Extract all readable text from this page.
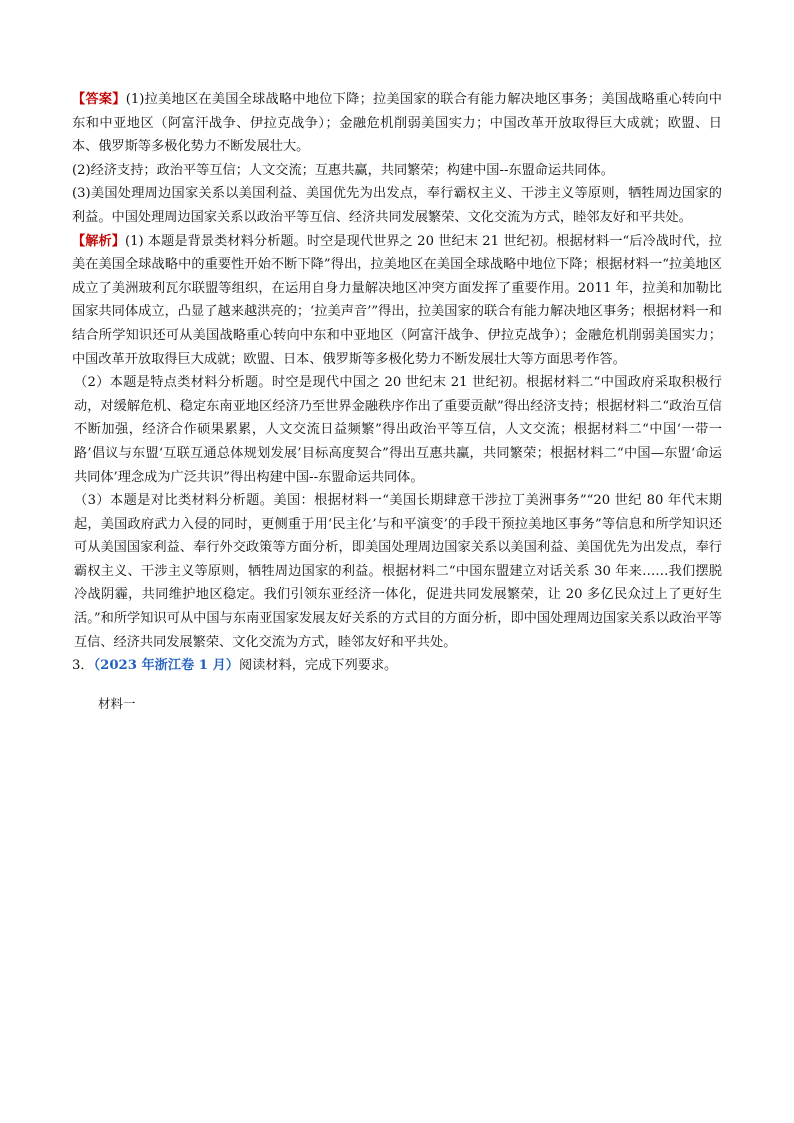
【答案】(1)拉美地区在美国全球战略中地位下降；拉美国家的联合有能力解决地区事务；美国战略重心转向中东和中亚地区（阿富汗战争、伊拉克战争）；金融危机削弱美国实力；中国改革开放取得巨大成就；欧盟、日本、俄罗斯等多极化势力不断发展壮大。

(2)经济支持；政治平等互信；人文交流；互惠共赢，共同繁荣；构建中国--东盟命运共同体。

(3)美国处理周边国家关系以美国利益、美国优先为出发点，奉行霸权主义、干涉主义等原则，牺牲周边国家的利益。中国处理周边国家关系以政治平等互信、经济共同发展繁荣、文化交流为方式，睦邻友好和平共处。

【解析】(1) 本题是背景类材料分析题。时空是现代世界之 20 世纪末 21 世纪初。根据材料一“后冷战时代，拉美在美国全球战略中的重要性开始不断下降”得出，拉美地区在美国全球战略中地位下降；根据材料一“拉美地区成立了美洲玻利瓦尔联盟等组织，在运用自身力量解决地区冲突方面发挥了重要作用。2011 年，拉美和加勒比国家共同体成立，凸显了越来越洪亮的；‘拉美声音’”得出，拉美国家的联合有能力解决地区事务；根据材料一和结合所学知识还可从美国战略重心转向中东和中亚地区（阿富汗战争、伊拉克战争）；金融危机削弱美国实力；中国改革开放取得巨大成就；欧盟、日本、俄罗斯等多极化势力不断发展壮大等方面思考作答。

（2）本题是特点类材料分析题。时空是现代中国之 20 世纪末 21 世纪初。根据材料二“中国政府采取积极行动，对缓解危机、稳定东南亚地区经济乃至世界金融秩序作出了重要贡献”得出经济支持；根据材料二“政治互信不断加强，经济合作硕果累累，人文交流日益频繁”得出政治平等互信，人文交流；根据材料二“中国‘一带一路’倡议与东盟‘互联互通总体规划发展’目标高度契合”得出互惠共赢，共同繁荣；根据材料二“中国—东盟‘命运共同体’理念成为广泛共识”得出构建中国--东盟命运共同体。

（3）本题是对比类材料分析题。美国：根据材料一“美国长期肆意干涉拉丁美洲事务”“20 世纪 80 年代末期起，美国政府武力入侵的同时，更侧重于用‘民主化’与和平演变’的手段干预拉美地区事务”等信息和所学知识还可从美国国家利益、奉行外交政策等方面分析，即美国处理周边国家关系以美国利益、美国优先为出发点，奉行霸权主义、干涉主义等原则，牺牲周边国家的利益。根据材料二“中国东盟建立对话关系 30 年来……我们摆脱冷战阴霾，共同维护地区稳定。我们引领东亚经济一体化，促进共同发展繁荣，让 20 多亿民众过上了更好生活。”和所学知识可从中国与东南亚国家发展友好关系的方式目的方面分析，即中国处理周边国家关系以政治平等互信、经济共同发展繁荣、文化交流为方式，睦邻友好和平共处。

3．（2023 年浙江卷 1 月）阅读材料，完成下列要求。

材料一
